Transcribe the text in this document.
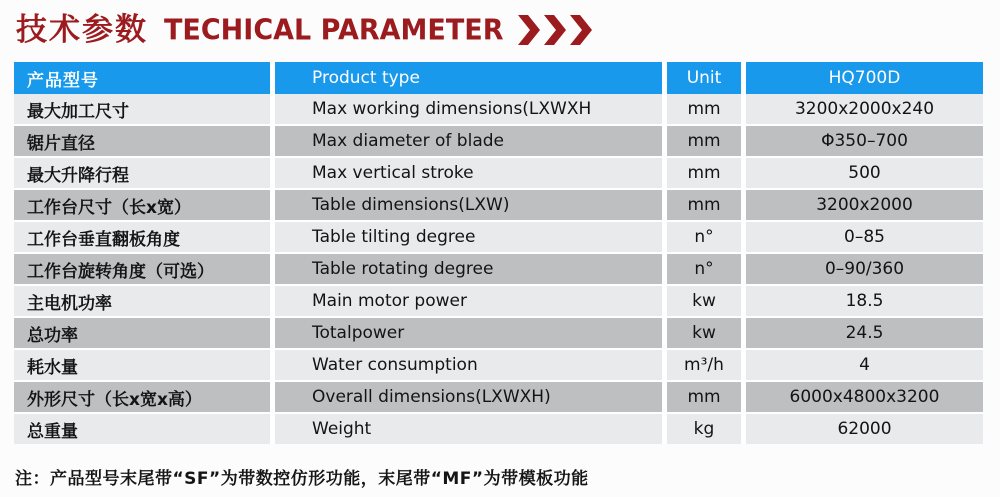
技术参数 TECHICAL PARAMETER
产品型号	Product type	Unit	HQ700D
最大加工尺寸	Max working dimensions(LXWXH	mm	3200x2000x240
锯片直径	Max diameter of blade	mm	Φ350–700
最大升降行程	Max vertical stroke	mm	500
工作台尺寸（长x宽）	Table dimensions(LXW)	mm	3200x2000
工作台垂直翻板角度	Table tilting degree	n°	0–85
工作台旋转角度（可选）	Table rotating degree	n°	0–90/360
主电机功率	Main motor power	kw	18.5
总功率	Totalpower	kw	24.5
耗水量	Water consumption	m³/h	4
外形尺寸（长x宽x高）	Overall dimensions(LXWXH)	mm	6000x4800x3200
总重量	Weight	kg	62000
注：产品型号末尾带“SF”为带数控仿形功能，末尾带“MF”为带模板功能
